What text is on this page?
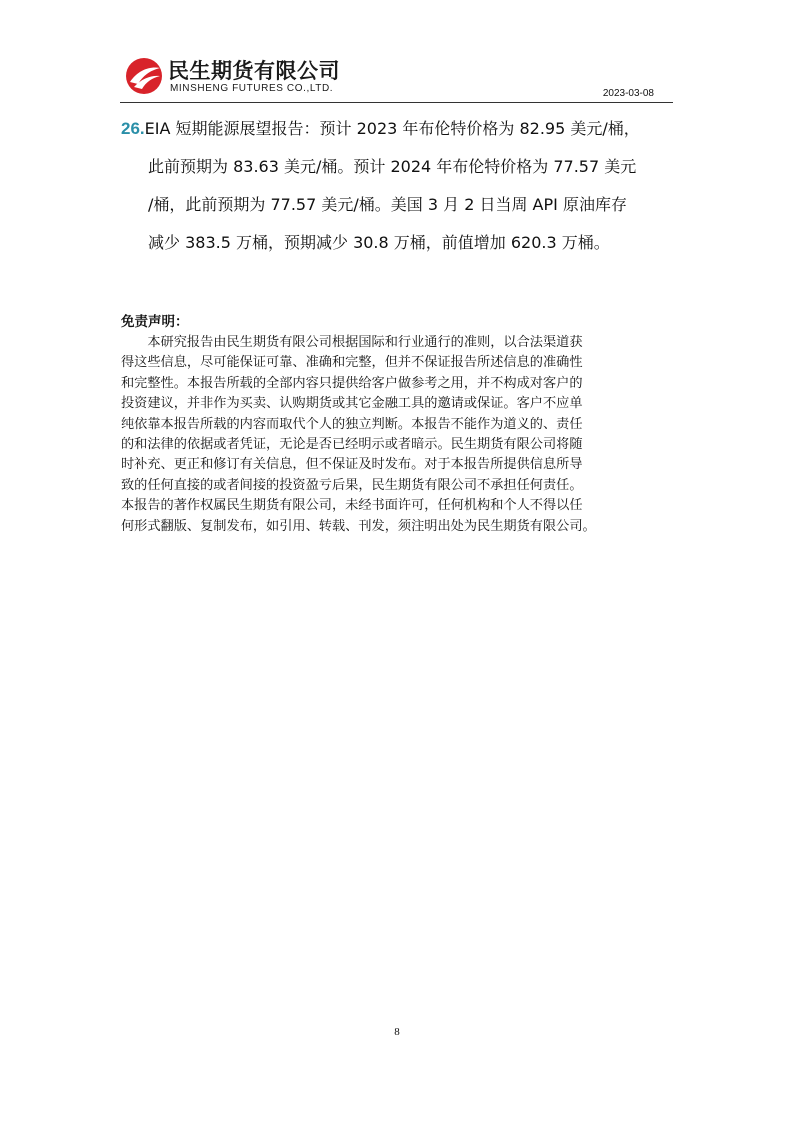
民生期货有限公司
MINSHENG FUTURES CO.,LTD.	2023-03-08
26.EIA 短期能源展望报告：预计 2023 年布伦特价格为 82.95 美元/桶，
此前预期为 83.63 美元/桶。预计 2024 年布伦特价格为 77.57 美元
/桶，此前预期为 77.57 美元/桶。美国 3 月 2 日当周 API 原油库存
减少 383.5 万桶，预期减少 30.8 万桶，前值增加 620.3 万桶。
免责声明：
　　本研究报告由民生期货有限公司根据国际和行业通行的准则，以合法渠道获
得这些信息，尽可能保证可靠、准确和完整，但并不保证报告所述信息的准确性
和完整性。本报告所载的全部内容只提供给客户做参考之用，并不构成对客户的
投资建议，并非作为买卖、认购期货或其它金融工具的邀请或保证。客户不应单
纯依靠本报告所载的内容而取代个人的独立判断。本报告不能作为道义的、责任
的和法律的依据或者凭证，无论是否已经明示或者暗示。民生期货有限公司将随
时补充、更正和修订有关信息，但不保证及时发布。对于本报告所提供信息所导
致的任何直接的或者间接的投资盈亏后果，民生期货有限公司不承担任何责任。
本报告的著作权属民生期货有限公司，未经书面许可，任何机构和个人不得以任
何形式翻版、复制发布，如引用、转载、刊发，须注明出处为民生期货有限公司。
8
